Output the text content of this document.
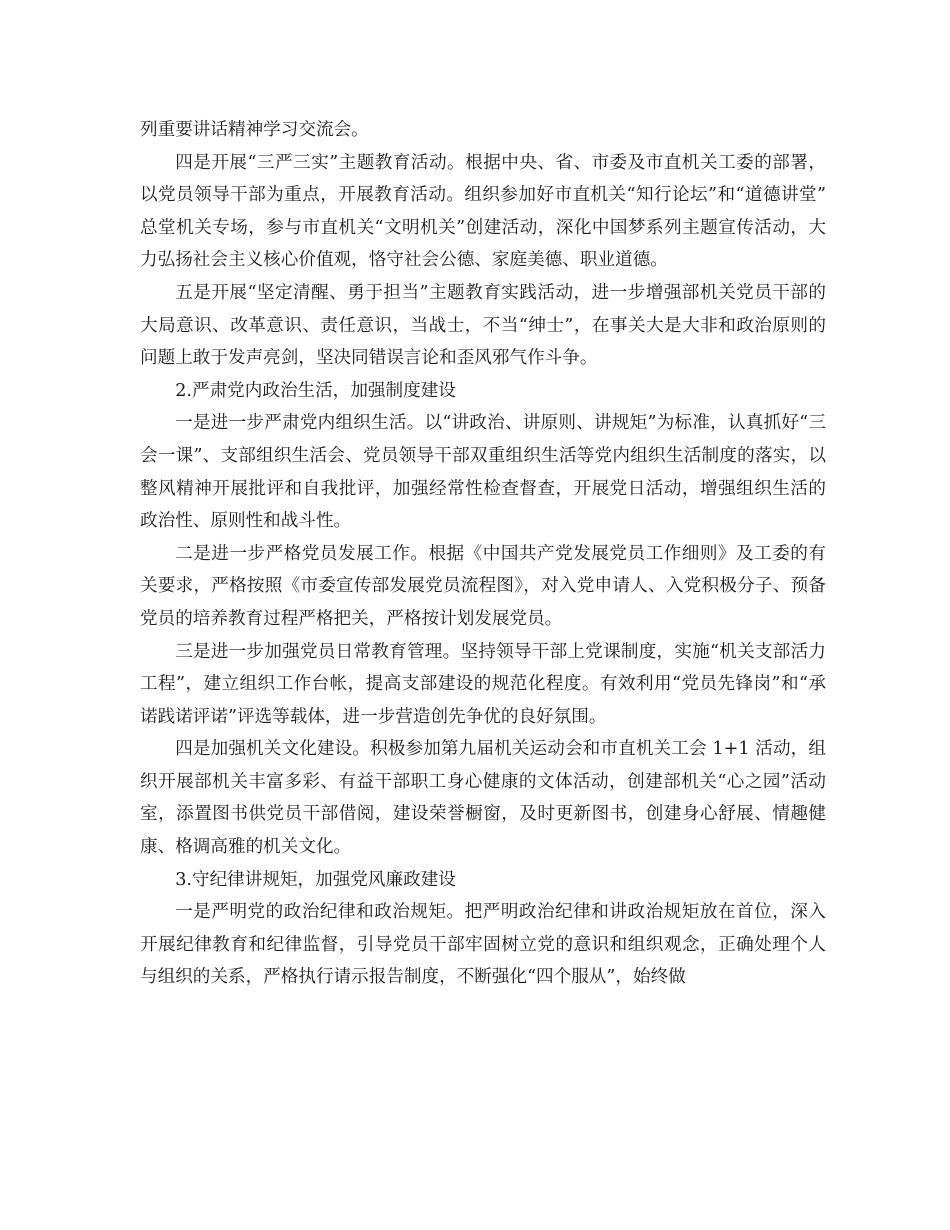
列重要讲话精神学习交流会。

四是开展“三严三实”主题教育活动。根据中央、省、市委及市直机关工委的部署，以党员领导干部为重点，开展教育活动。组织参加好市直机关“知行论坛”和“道德讲堂”总堂机关专场，参与市直机关“文明机关”创建活动，深化中国梦系列主题宣传活动，大力弘扬社会主义核心价值观，恪守社会公德、家庭美德、职业道德。

五是开展“坚定清醒、勇于担当”主题教育实践活动，进一步增强部机关党员干部的大局意识、改革意识、责任意识，当战士，不当“绅士”，在事关大是大非和政治原则的问题上敢于发声亮剑，坚决同错误言论和歪风邪气作斗争。

2.严肃党内政治生活，加强制度建设

一是进一步严肃党内组织生活。以“讲政治、讲原则、讲规矩”为标准，认真抓好“三会一课”、支部组织生活会、党员领导干部双重组织生活等党内组织生活制度的落实，以整风精神开展批评和自我批评，加强经常性检查督查，开展党日活动，增强组织生活的政治性、原则性和战斗性。

二是进一步严格党员发展工作。根据《中国共产党发展党员工作细则》及工委的有关要求，严格按照《市委宣传部发展党员流程图》，对入党申请人、入党积极分子、预备党员的培养教育过程严格把关，严格按计划发展党员。

三是进一步加强党员日常教育管理。坚持领导干部上党课制度，实施“机关支部活力工程”，建立组织工作台帐，提高支部建设的规范化程度。有效利用“党员先锋岗”和“承诺践诺评诺”评选等载体，进一步营造创先争优的良好氛围。

四是加强机关文化建设。积极参加第九届机关运动会和市直机关工会 1+1 活动，组织开展部机关丰富多彩、有益干部职工身心健康的文体活动，创建部机关“心之园”活动室，添置图书供党员干部借阅，建设荣誉橱窗，及时更新图书，创建身心舒展、情趣健康、格调高雅的机关文化。

3.守纪律讲规矩，加强党风廉政建设

一是严明党的政治纪律和政治规矩。把严明政治纪律和讲政治规矩放在首位，深入开展纪律教育和纪律监督，引导党员干部牢固树立党的意识和组织观念，正确处理个人与组织的关系，严格执行请示报告制度，不断强化“四个服从”，始终做
